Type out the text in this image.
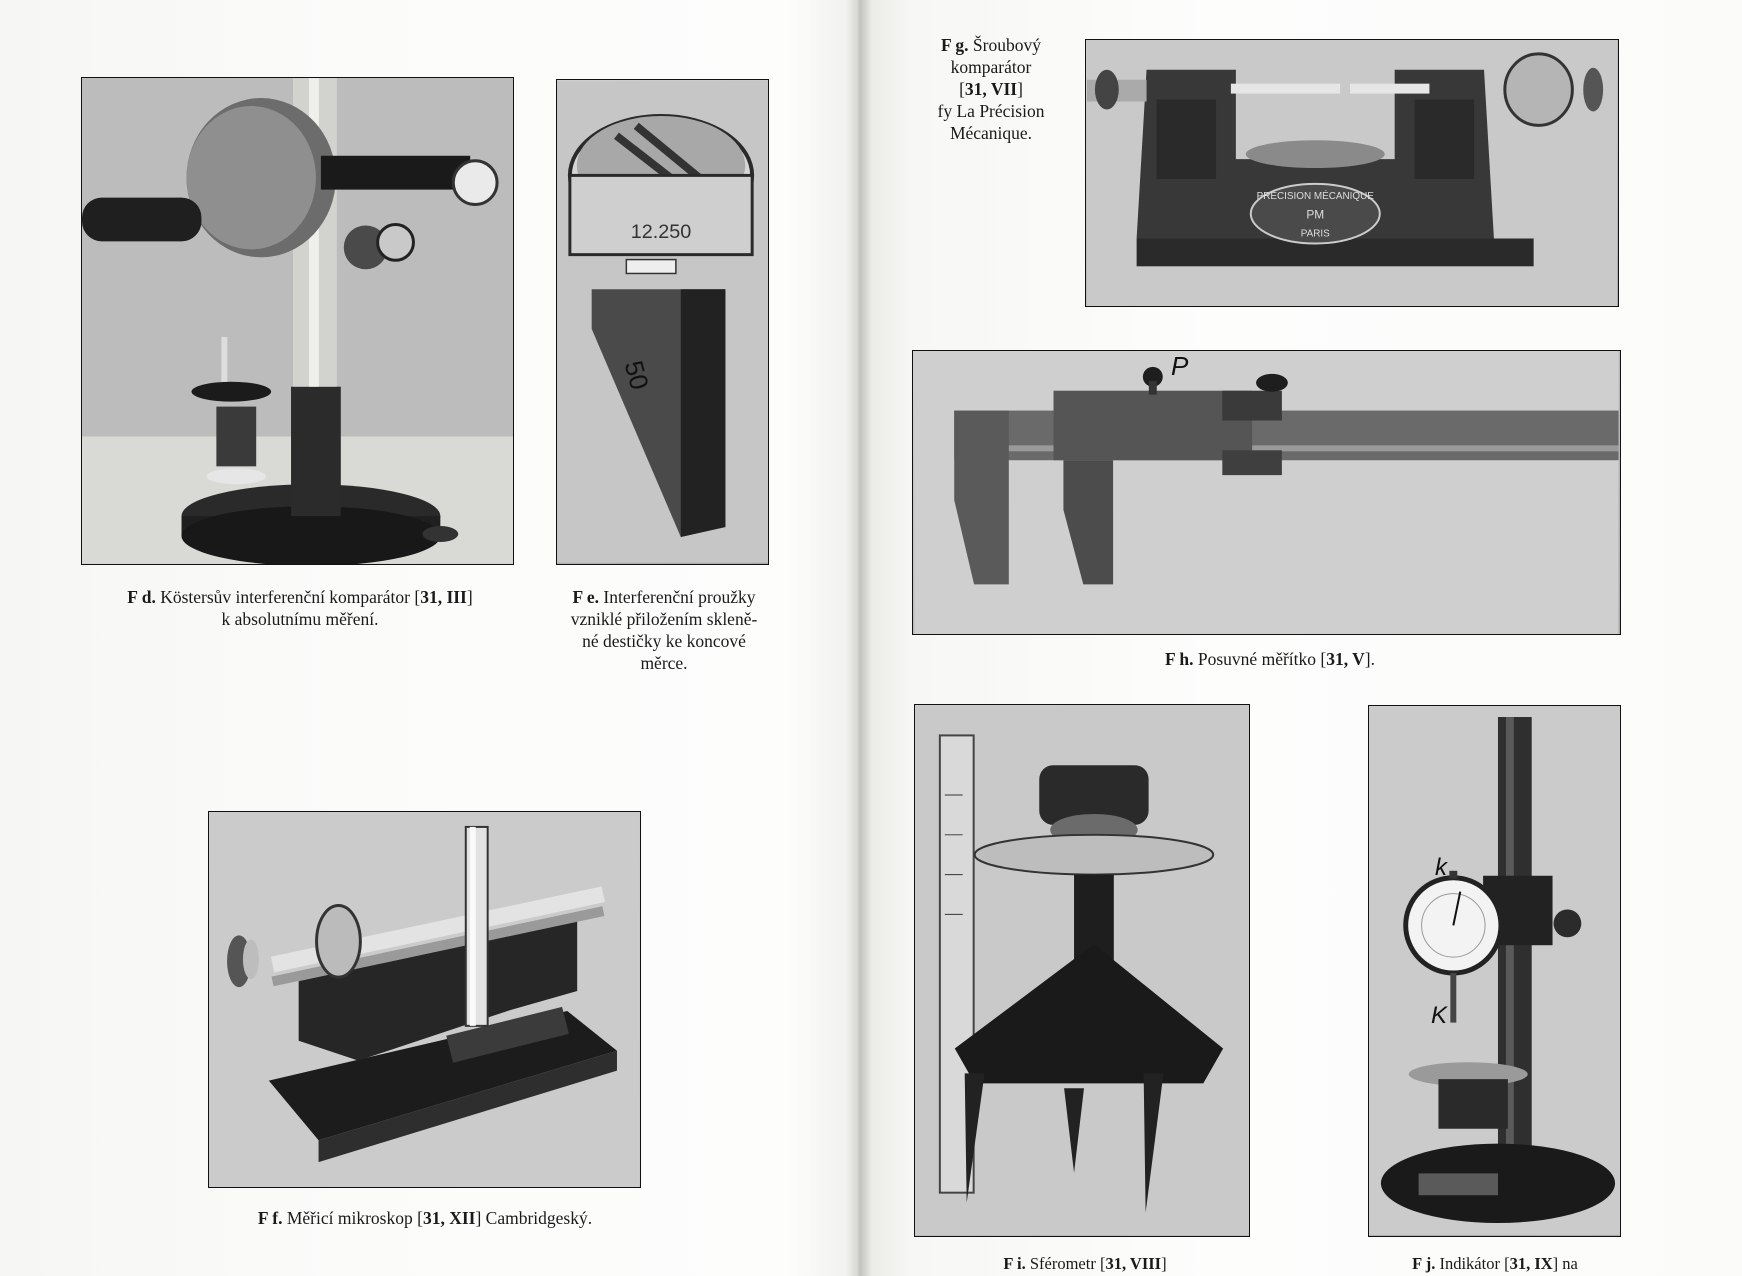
F d. Köstersův interferenční komparátor [31, III]
k absolutnímu měření.
12.250
50
F e. Interferenční proužky
vzniklé přiložením skleně-
né destičky ke koncové
měrce.
F f. Měřicí mikroskop [31, XII] Cambridgeský.
F g. Šroubový
komparátor
[31, VII]
fy La Précision
Mécanique.
PRÉCISION MÉCANIQUE
PM
PARIS
P
F h. Posuvné měřítko [31, V].
F i. Sférometr [31, VIII]
k
K
F j. Indikátor [31, IX] na
